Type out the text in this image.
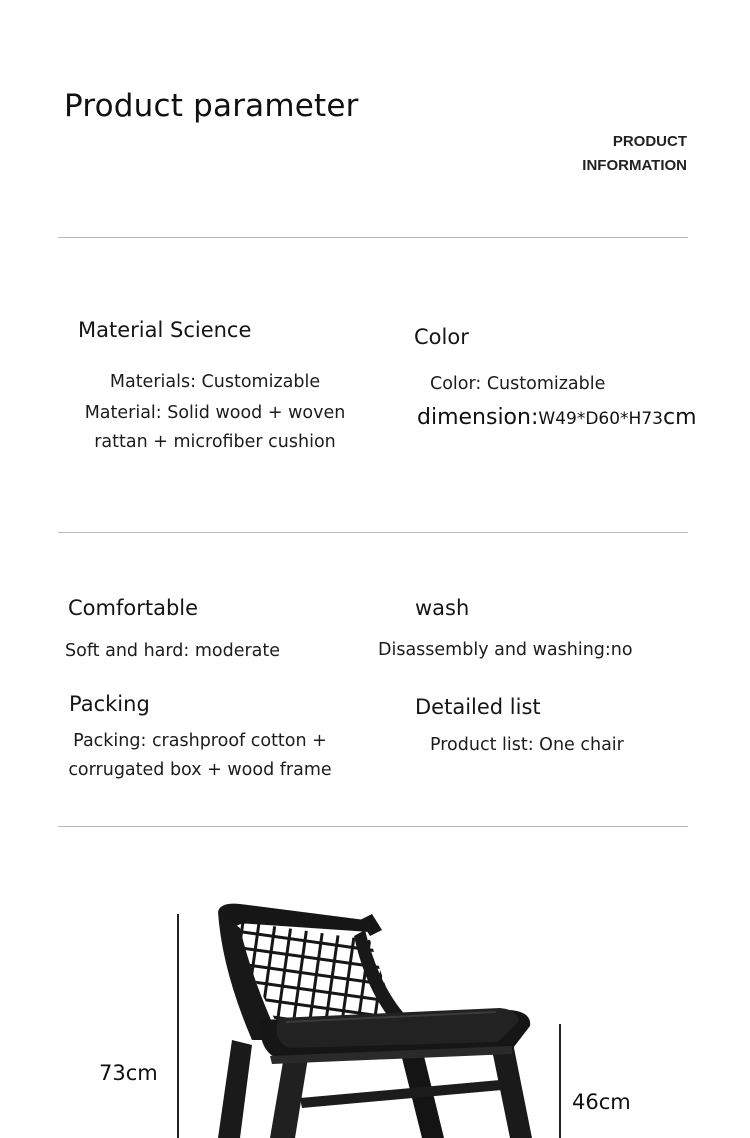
Product parameter
PRODUCT
INFORMATION
Material Science
Materials: Customizable
Material: Solid wood + woven
rattan + microfiber cushion
Color
Color: Customizable
dimension:W49*D60*H73cm
Comfortable
Soft and hard: moderate
wash
Disassembly and washing:no
Packing
Packing: crashproof cotton +
corrugated box + wood frame
Detailed list
Product list: One chair
73cm
46cm
